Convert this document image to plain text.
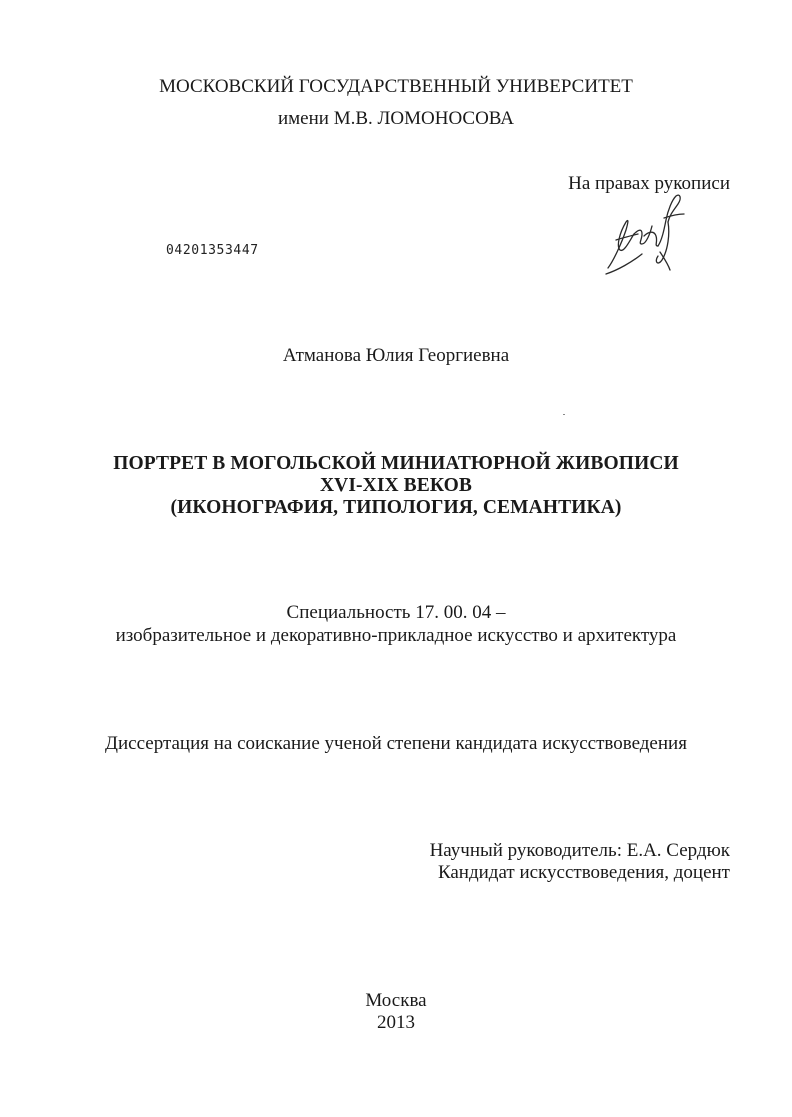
МОСКОВСКИЙ ГОСУДАРСТВЕННЫЙ УНИВЕРСИТЕТ
имени М.В. ЛОМОНОСОВА
На правах рукописи
04201353447
Атманова Юлия Георгиевна
ПОРТРЕТ В МОГОЛЬСКОЙ МИНИАТЮРНОЙ ЖИВОПИСИ
XVI-XIX ВЕКОВ
(ИКОНОГРАФИЯ, ТИПОЛОГИЯ, СЕМАНТИКА)
Специальность 17. 00. 04 –
изобразительное и декоративно-прикладное искусство и архитектура
Диссертация на соискание ученой степени кандидата искусствоведения
Научный руководитель: Е.А. Сердюк
Кандидат искусствоведения, доцент
Москва
2013
